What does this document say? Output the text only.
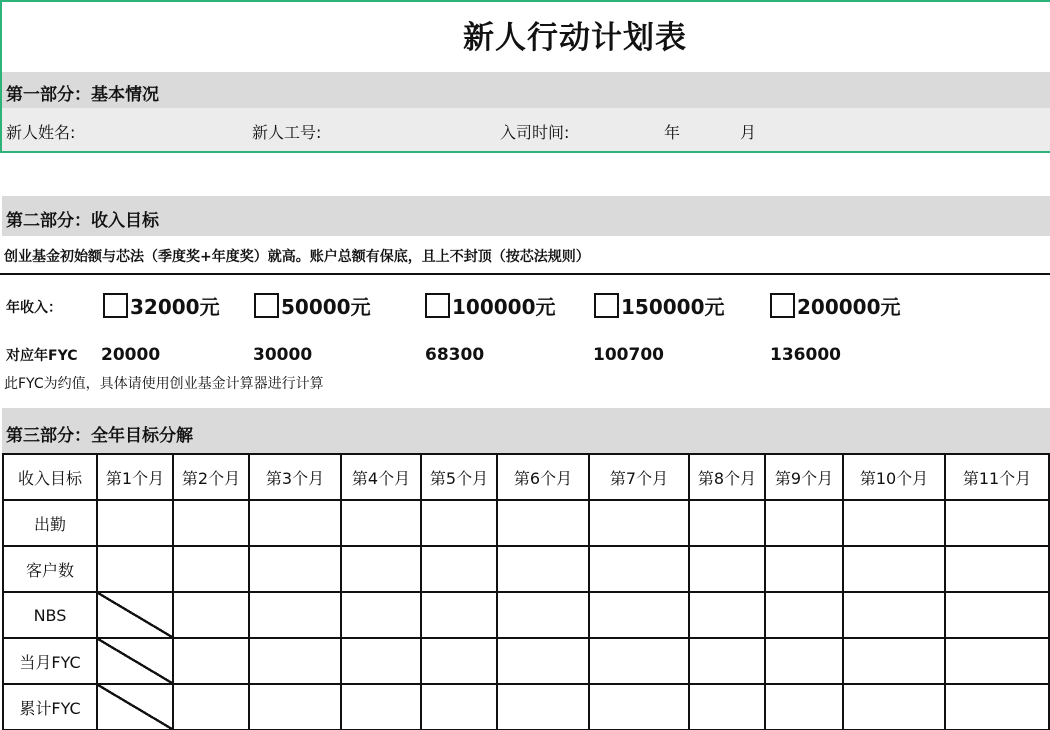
新人行动计划表
第一部分：基本情况
新人姓名:	新人工号:	入司时间:	年	月
第二部分：收入目标
创业基金初始额与芯法（季度奖+年度奖）就高。账户总额有保底，且上不封顶（按芯法规则）
年收入：	32000元	50000元	100000元	150000元	200000元
对应年FYC 20000	30000	68300	100700	136000
此FYC为约值，具体请使用创业基金计算器进行计算
第三部分：全年目标分解
收入目标	第1个月	第2个月	第3个月	第4个月	第5个月	第6个月	第7个月	第8个月	第9个月	第10个月	第11个月
出勤											
客户数											
NBS											
当月FYC											
累计FYC											
